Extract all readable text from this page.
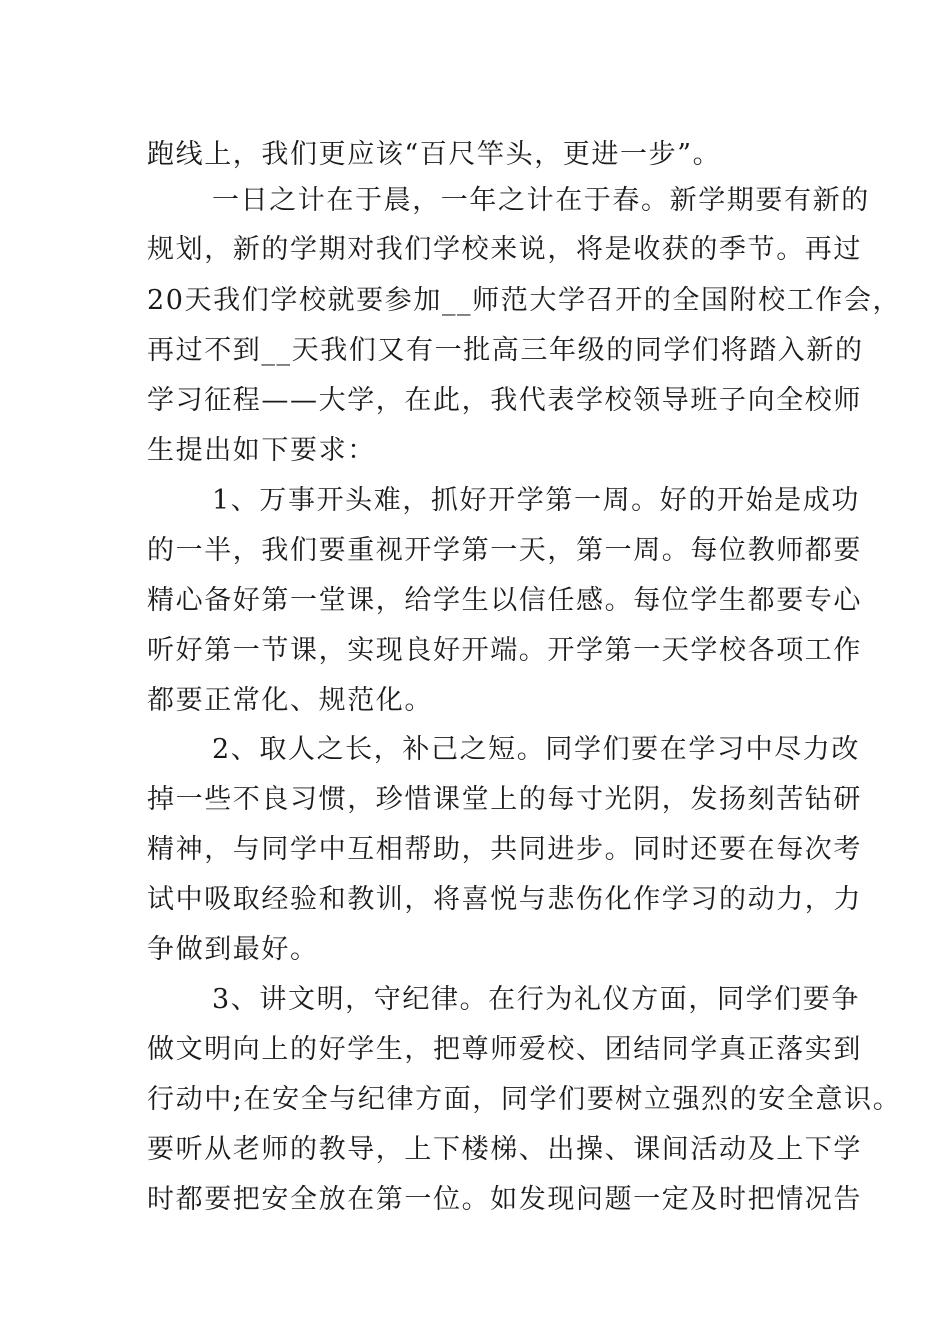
跑线上，我们更应该“百尺竿头，更进一步”。
一日之计在于晨，一年之计在于春。新学期要有新的
规划，新的学期对我们学校来说，将是收获的季节。再过
20天我们学校就要参加__师范大学召开的全国附校工作会，
再过不到__天我们又有一批高三年级的同学们将踏入新的
学习征程——大学，在此，我代表学校领导班子向全校师
生提出如下要求：
1、万事开头难，抓好开学第一周。好的开始是成功
的一半，我们要重视开学第一天，第一周。每位教师都要
精心备好第一堂课，给学生以信任感。每位学生都要专心
听好第一节课，实现良好开端。开学第一天学校各项工作
都要正常化、规范化。
2、取人之长，补己之短。同学们要在学习中尽力改
掉一些不良习惯，珍惜课堂上的每寸光阴，发扬刻苦钻研
精神，与同学中互相帮助，共同进步。同时还要在每次考
试中吸取经验和教训，将喜悦与悲伤化作学习的动力，力
争做到最好。
3、讲文明，守纪律。在行为礼仪方面，同学们要争
做文明向上的好学生，把尊师爱校、团结同学真正落实到
行动中;在安全与纪律方面，同学们要树立强烈的安全意识。
要听从老师的教导，上下楼梯、出操、课间活动及上下学
时都要把安全放在第一位。如发现问题一定及时把情况告
